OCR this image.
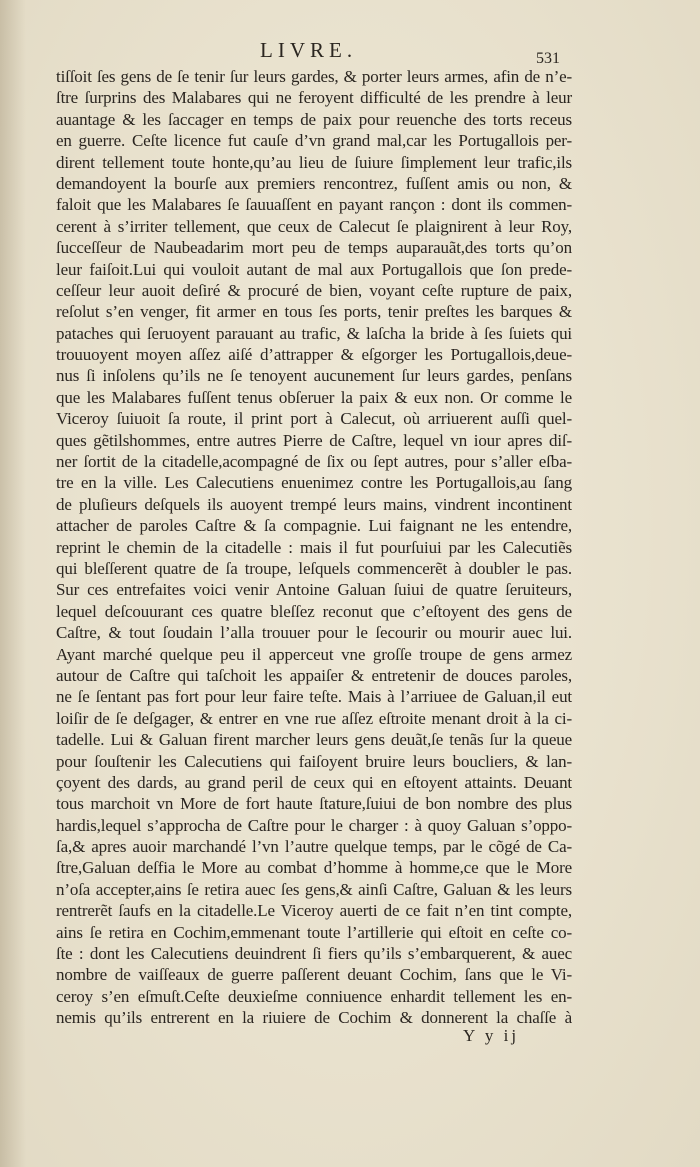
LIVRE.	531
tiſſoit ſes gens de ſe tenir ſur leurs gardes, & porter leurs armes, afin de n’e-
ſtre ſurprins des Malabares qui ne feroyent difficulté de les prendre à leur
auantage & les ſaccager en temps de paix pour reuenche des torts receus
en guerre. Ceſte licence fut cauſe d’vn grand mal,car les Portugallois per-
dirent tellement toute honte,qu’au lieu de ſuiure ſimplement leur trafic,ils
demandoyent la bourſe aux premiers rencontrez, fuſſent amis ou non, &
faloit que les Malabares ſe ſauuaſſent en payant rançon : dont ils commen-
cerent à s’irriter tellement, que ceux de Calecut ſe plaignirent à leur Roy,
ſucceſſeur de Naubeadarim mort peu de temps auparauãt,des torts qu’on
leur faiſoit.Lui qui vouloit autant de mal aux Portugallois que ſon prede-
ceſſeur leur auoit deſiré & procuré de bien, voyant ceſte rupture de paix,
reſolut s’en venger, fit armer en tous ſes ports, tenir preſtes les barques &
pataches qui ſeruoyent parauant au trafic, & laſcha la bride à ſes ſuiets qui
trouuoyent moyen aſſez aiſé d’attrapper & eſgorger les Portugallois,deue-
nus ſi inſolens qu’ils ne ſe tenoyent aucunement ſur leurs gardes, penſans
que les Malabares fuſſent tenus obſeruer la paix & eux non. Or comme le
Viceroy ſuiuoit ſa route, il print port à Calecut, où arriuerent auſſi quel-
ques gẽtilshommes, entre autres Pierre de Caſtre, lequel vn iour apres diſ-
ner ſortit de la citadelle,acompagné de ſix ou ſept autres, pour s’aller eſba-
tre en la ville. Les Calecutiens enuenimez contre les Portugallois,au ſang
de pluſieurs deſquels ils auoyent trempé leurs mains, vindrent incontinent
attacher de paroles Caſtre & ſa compagnie. Lui faignant ne les entendre,
reprint le chemin de la citadelle : mais il fut pourſuiui par les Calecutiẽs
qui bleſſerent quatre de ſa troupe, leſquels commencerẽt à doubler le pas.
Sur ces entrefaites voici venir Antoine Galuan ſuiui de quatre ſeruiteurs,
lequel deſcouurant ces quatre bleſſez reconut que c’eſtoyent des gens de
Caſtre, & tout ſoudain l’alla trouuer pour le ſecourir ou mourir auec lui.
Ayant marché quelque peu il apperceut vne groſſe troupe de gens armez
autour de Caſtre qui taſchoit les appaiſer & entretenir de douces paroles,
ne ſe ſentant pas fort pour leur faire teſte. Mais à l’arriuee de Galuan,il eut
loiſir de ſe deſgager, & entrer en vne rue aſſez eſtroite menant droit à la ci-
tadelle. Lui & Galuan firent marcher leurs gens deuãt,ſe tenãs ſur la queue
pour ſouſtenir les Calecutiens qui faiſoyent bruire leurs boucliers, & lan-
çoyent des dards, au grand peril de ceux qui en eſtoyent attaints. Deuant
tous marchoit vn More de fort haute ſtature,ſuiui de bon nombre des plus
hardis,lequel s’approcha de Caſtre pour le charger : à quoy Galuan s’oppo-
ſa,& apres auoir marchandé l’vn l’autre quelque temps, par le cõgé de Ca-
ſtre,Galuan deſfia le More au combat d’homme à homme,ce que le More
n’oſa accepter,ains ſe retira auec ſes gens,& ainſi Caſtre, Galuan & les leurs
rentrerẽt ſaufs en la citadelle.Le Viceroy auerti de ce fait n’en tint compte,
ains ſe retira en Cochim,emmenant toute l’artillerie qui eſtoit en ceſte co-
ſte : dont les Calecutiens deuindrent ſi fiers qu’ils s’embarquerent, & auec
nombre de vaiſſeaux de guerre paſſerent deuant Cochim, ſans que le Vi-
ceroy s’en eſmuſt.Ceſte deuxieſme conniuence enhardit tellement les en-
nemis qu’ils entrerent en la riuiere de Cochim & donnerent la chaſſe à
Y y ij
